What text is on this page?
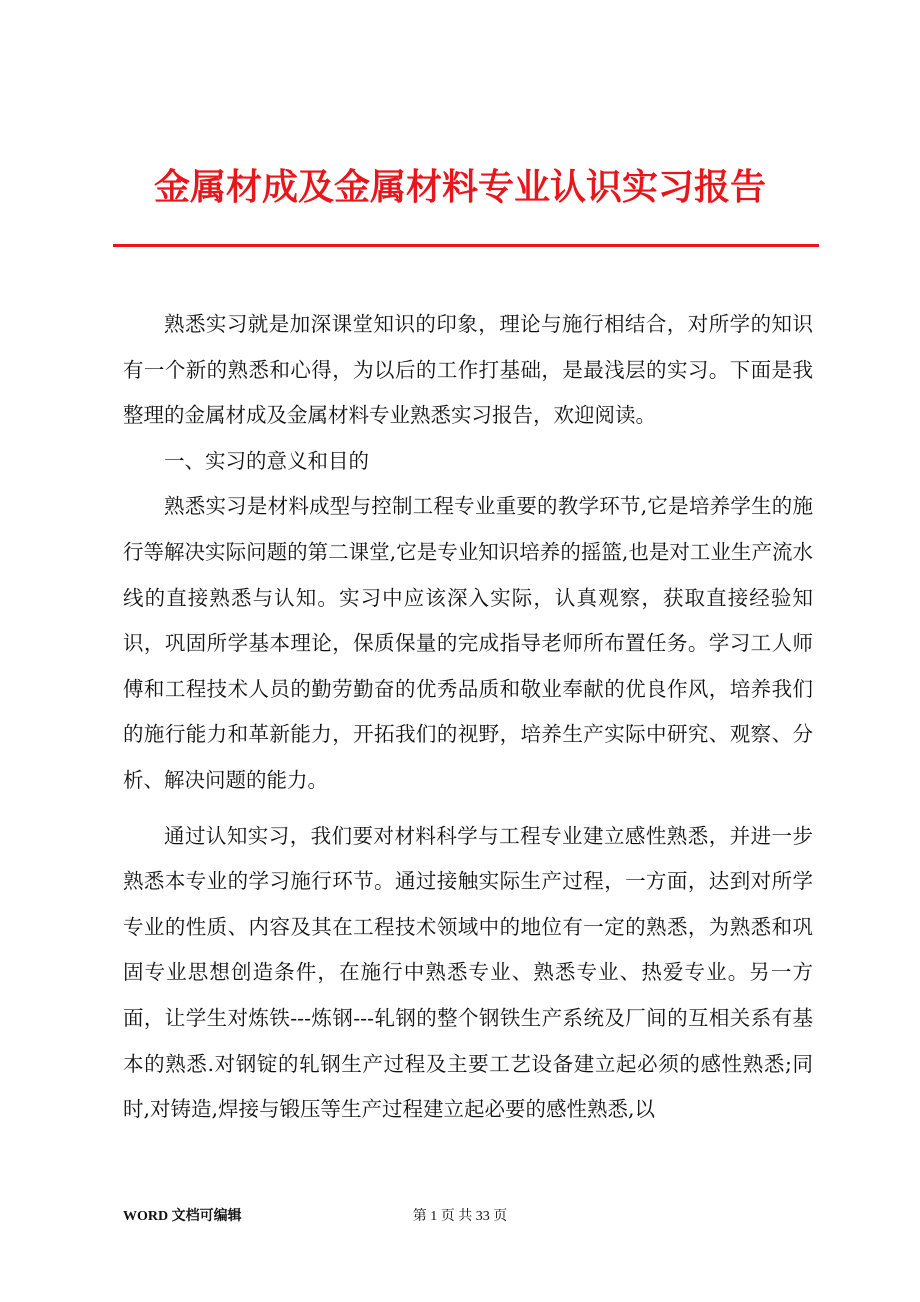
金属材成及金属材料专业认识实习报告

熟悉实习就是加深课堂知识的印象，理论与施行相结合，对所学的知识有一个新的熟悉和心得，为以后的工作打基础，是最浅层的实习。下面是我整理的金属材成及金属材料专业熟悉实习报告，欢迎阅读。

一、实习的意义和目的

熟悉实习是材料成型与控制工程专业重要的教学环节,它是培养学生的施行等解决实际问题的第二课堂,它是专业知识培养的摇篮,也是对工业生产流水线的直接熟悉与认知。实习中应该深入实际，认真观察，获取直接经验知识，巩固所学基本理论，保质保量的完成指导老师所布置任务。学习工人师傅和工程技术人员的勤劳勤奋的优秀品质和敬业奉献的优良作风，培养我们的施行能力和革新能力，开拓我们的视野，培养生产实际中研究、观察、分析、解决问题的能力。

通过认知实习，我们要对材料科学与工程专业建立感性熟悉，并进一步熟悉本专业的学习施行环节。通过接触实际生产过程，一方面，达到对所学专业的性质、内容及其在工程技术领域中的地位有一定的熟悉，为熟悉和巩固专业思想创造条件，在施行中熟悉专业、熟悉专业、热爱专业。另一方面，让学生对炼铁---炼钢---轧钢的整个钢铁生产系统及厂间的互相关系有基本的熟悉.对钢锭的轧钢生产过程及主要工艺设备建立起必须的感性熟悉;同时,对铸造,焊接与锻压等生产过程建立起必要的感性熟悉,以

WORD 文档可编辑	第 1 页 共 33 页
